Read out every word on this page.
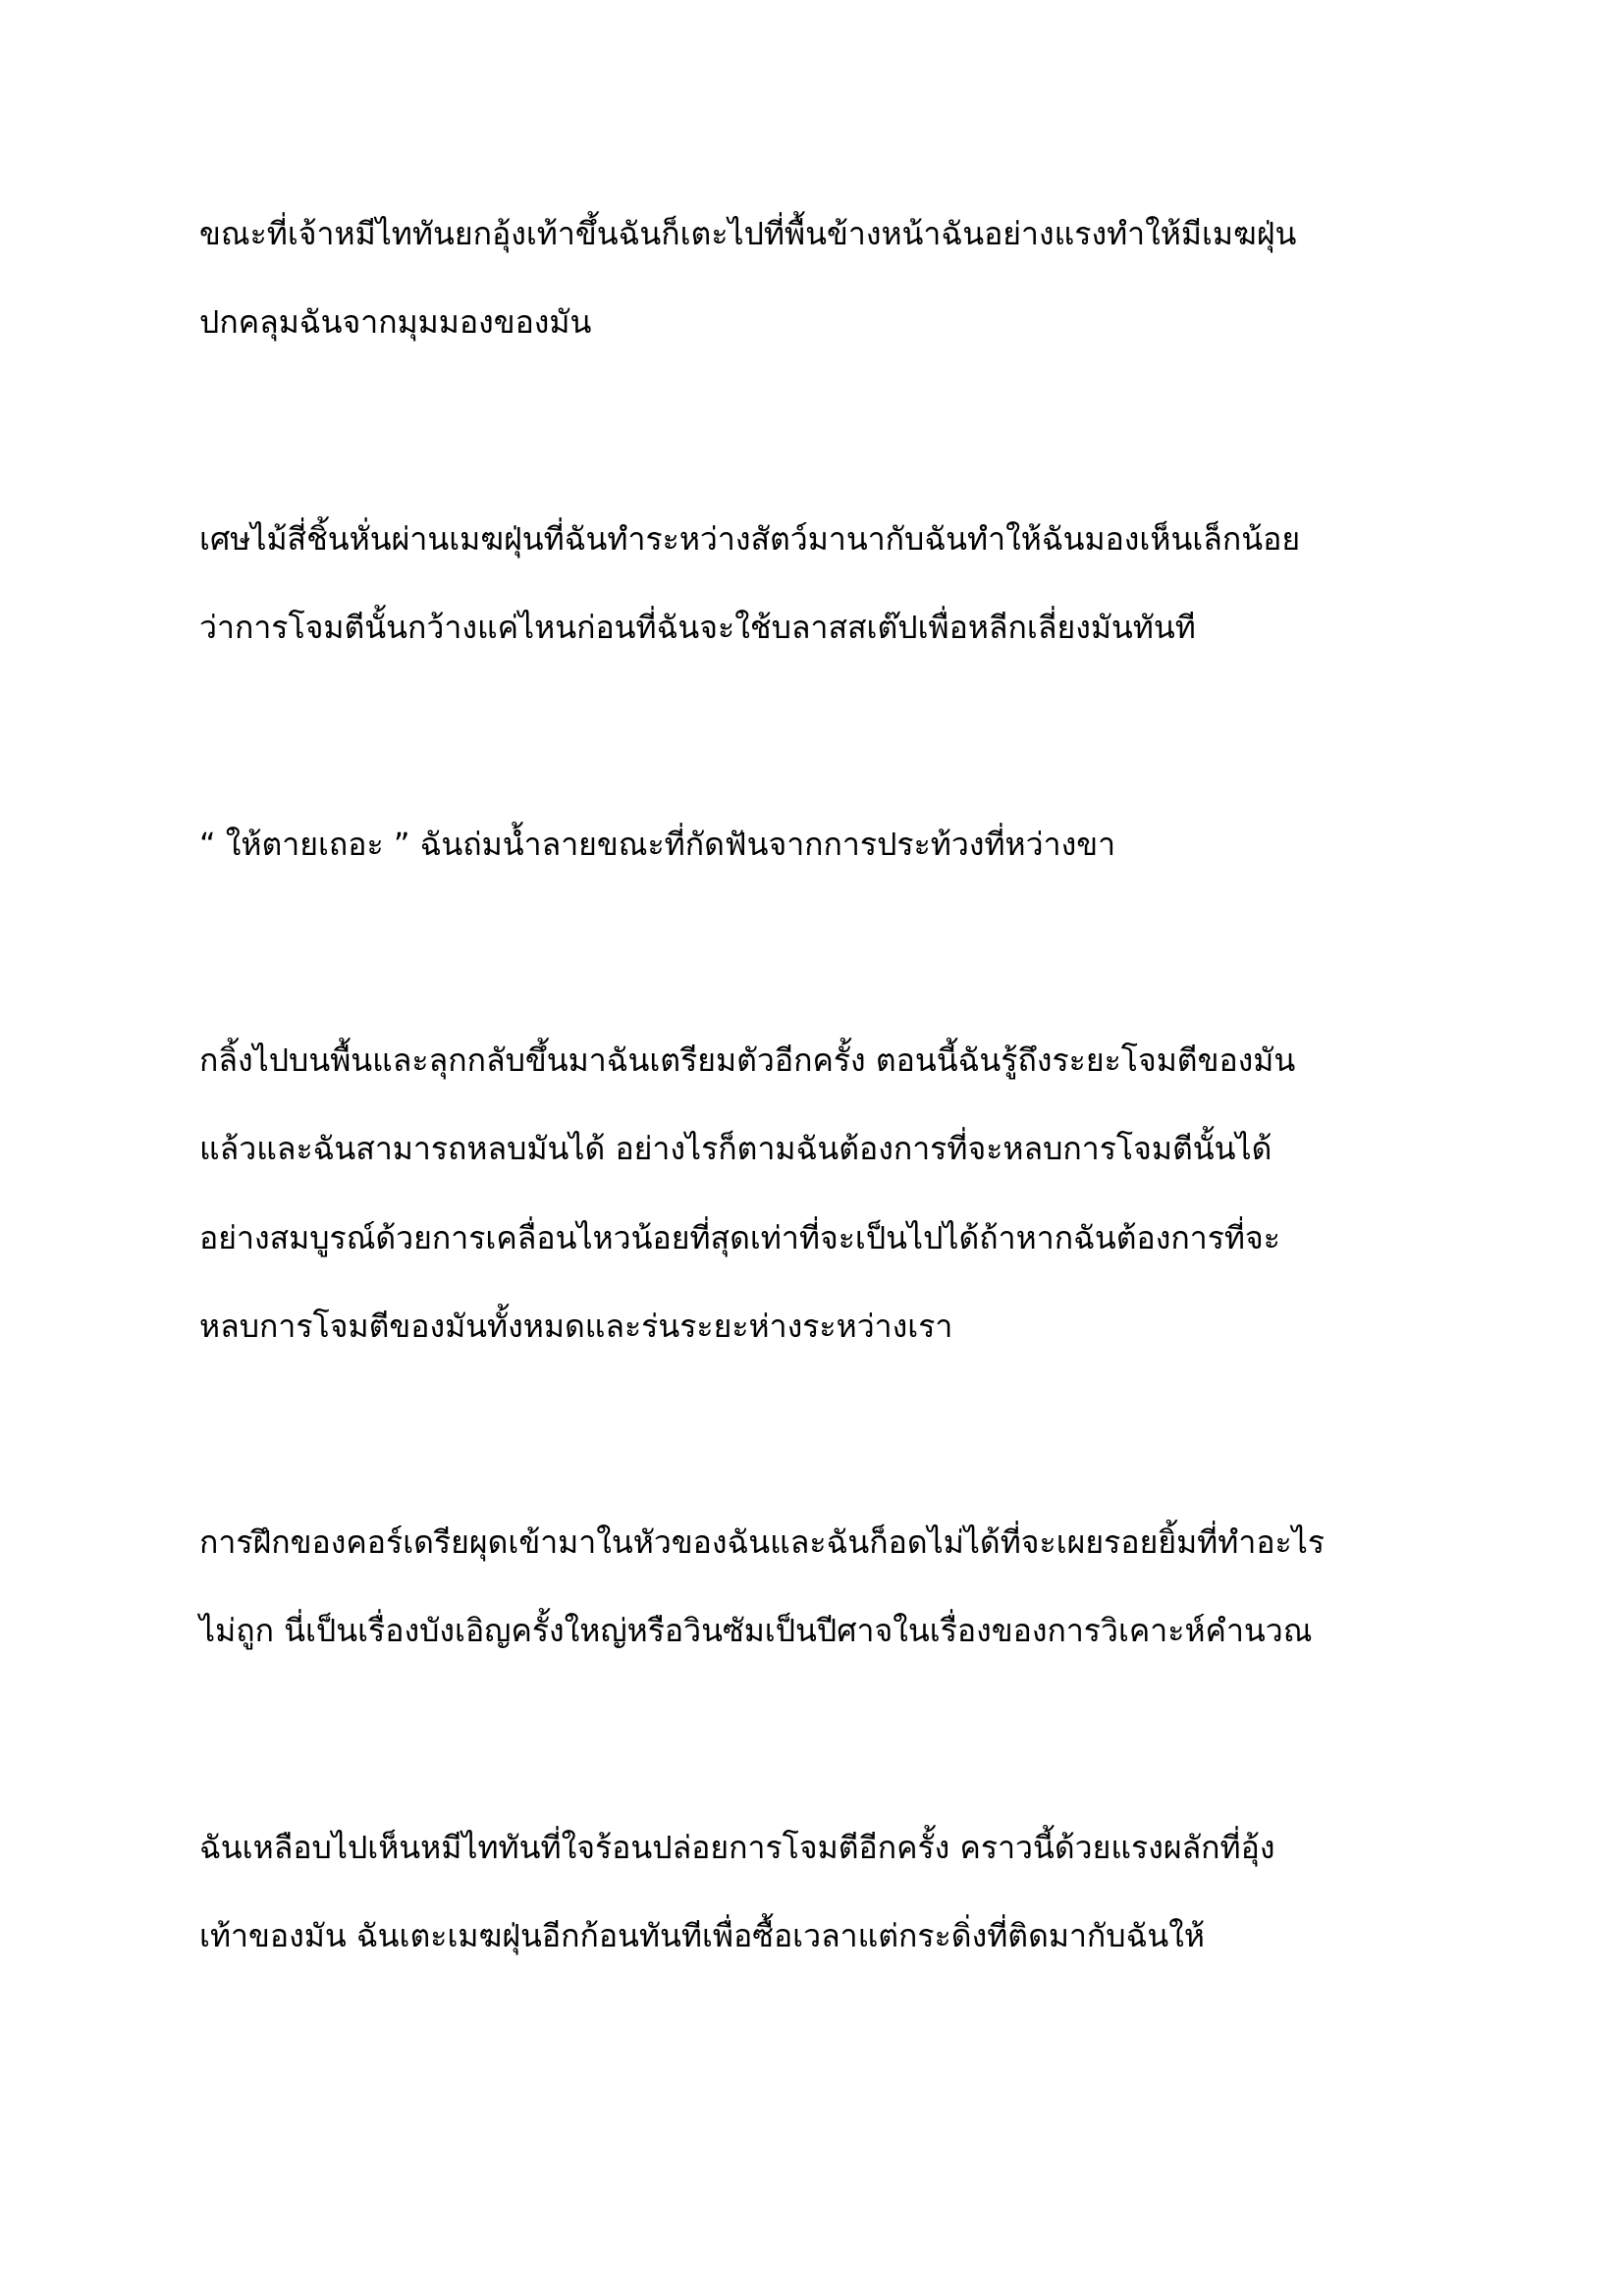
ขณะที่เจ้าหมีไททันยกอุ้งเท้าขึ้นฉันก็เตะไปที่พื้นข้างหน้าฉันอย่างแรงทำให้มีเมฆฝุ่น

ปกคลุมฉันจากมุมมองของมัน

เศษไม้สี่ชิ้นหั่นผ่านเมฆฝุ่นที่ฉันทำระหว่างสัตว์มานากับฉันทำให้ฉันมองเห็นเล็กน้อย

ว่าการโจมตีนั้นกว้างแค่ไหนก่อนที่ฉันจะใช้บลาสสเต๊ปเพื่อหลีกเลี่ยงมันทันที

“ ให้ตายเถอะ ” ฉันถ่มน้ำลายขณะที่กัดฟันจากการประท้วงที่หว่างขา

กลิ้งไปบนพื้นและลุกกลับขึ้นมาฉันเตรียมตัวอีกครั้ง ตอนนี้ฉันรู้ถึงระยะโจมตีของมัน

แล้วและฉันสามารถหลบมันได้ อย่างไรก็ตามฉันต้องการที่จะหลบการโจมตีนั้นได้

อย่างสมบูรณ์ด้วยการเคลื่อนไหวน้อยที่สุดเท่าที่จะเป็นไปได้ถ้าหากฉันต้องการที่จะ

หลบการโจมตีของมันทั้งหมดและร่นระยะห่างระหว่างเรา

การฝึกของคอร์เดรียผุดเข้ามาในหัวของฉันและฉันก็อดไม่ได้ที่จะเผยรอยยิ้มที่ทำอะไร

ไม่ถูก นี่เป็นเรื่องบังเอิญครั้งใหญ่หรือวินซัมเป็นปีศาจในเรื่องของการวิเคาะห์คำนวณ

ฉันเหลือบไปเห็นหมีไททันที่ใจร้อนปล่อยการโจมตีอีกครั้ง คราวนี้ด้วยแรงผลักที่อุ้ง

เท้าของมัน ฉันเตะเมฆฝุ่นอีกก้อนทันทีเพื่อซื้อเวลาแต่กระดิ่งที่ติดมากับฉันให้
